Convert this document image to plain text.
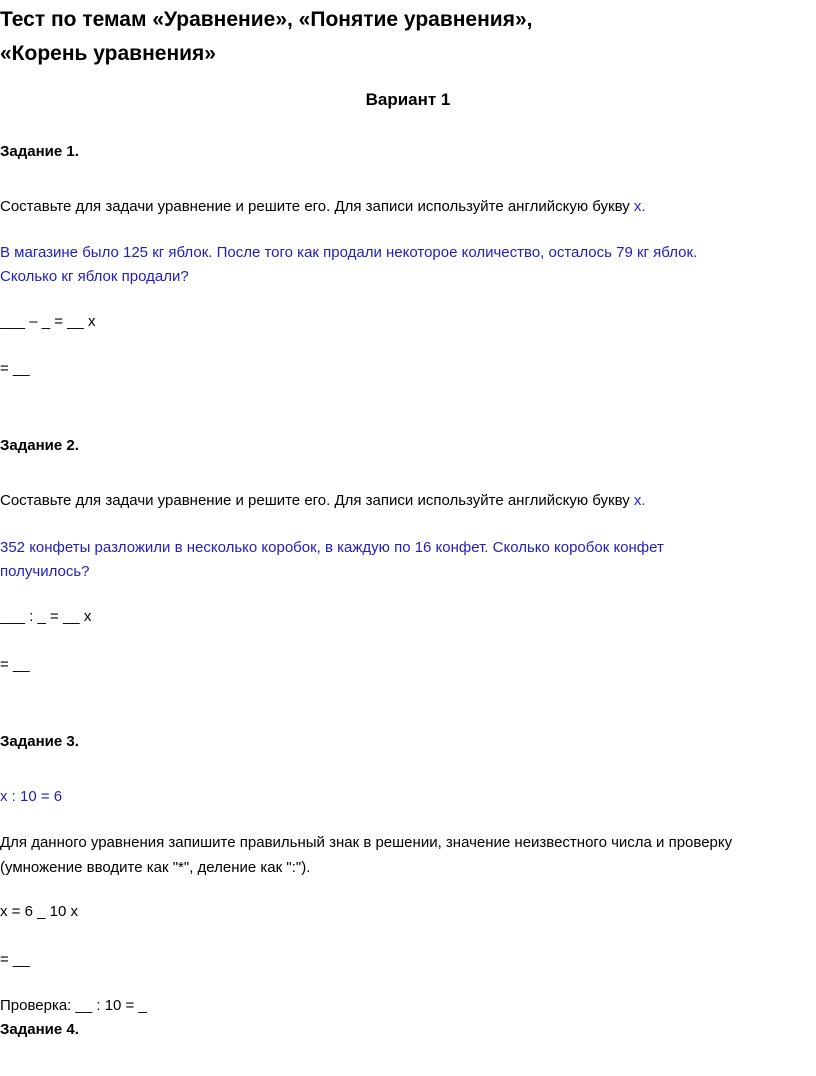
Тест по темам «Уравнение», «Понятие уравнения»,
«Корень уравнения»
Вариант 1
Задание 1.
Составьте для задачи уравнение и решите его. Для записи используйте английскую букву x.
В магазине было 125 кг яблок. После того как продали некоторое количество, осталось 79 кг яблок.
Сколько кг яблок продали?
___ – _ = __ x
= __
Задание 2.
Составьте для задачи уравнение и решите его. Для записи используйте английскую букву x.
352 конфеты разложили в несколько коробок, в каждую по 16 конфет. Сколько коробок конфет
получилось?
___ : _ = __ x
= __
Задание 3.
x : 10 = 6
Для данного уравнения запишите правильный знак в решении, значение неизвестного числа и проверку
(умножение вводите как "*", деление как ":").
x = 6 _ 10 x
= __
Проверка: __ : 10 = _
Задание 4.
